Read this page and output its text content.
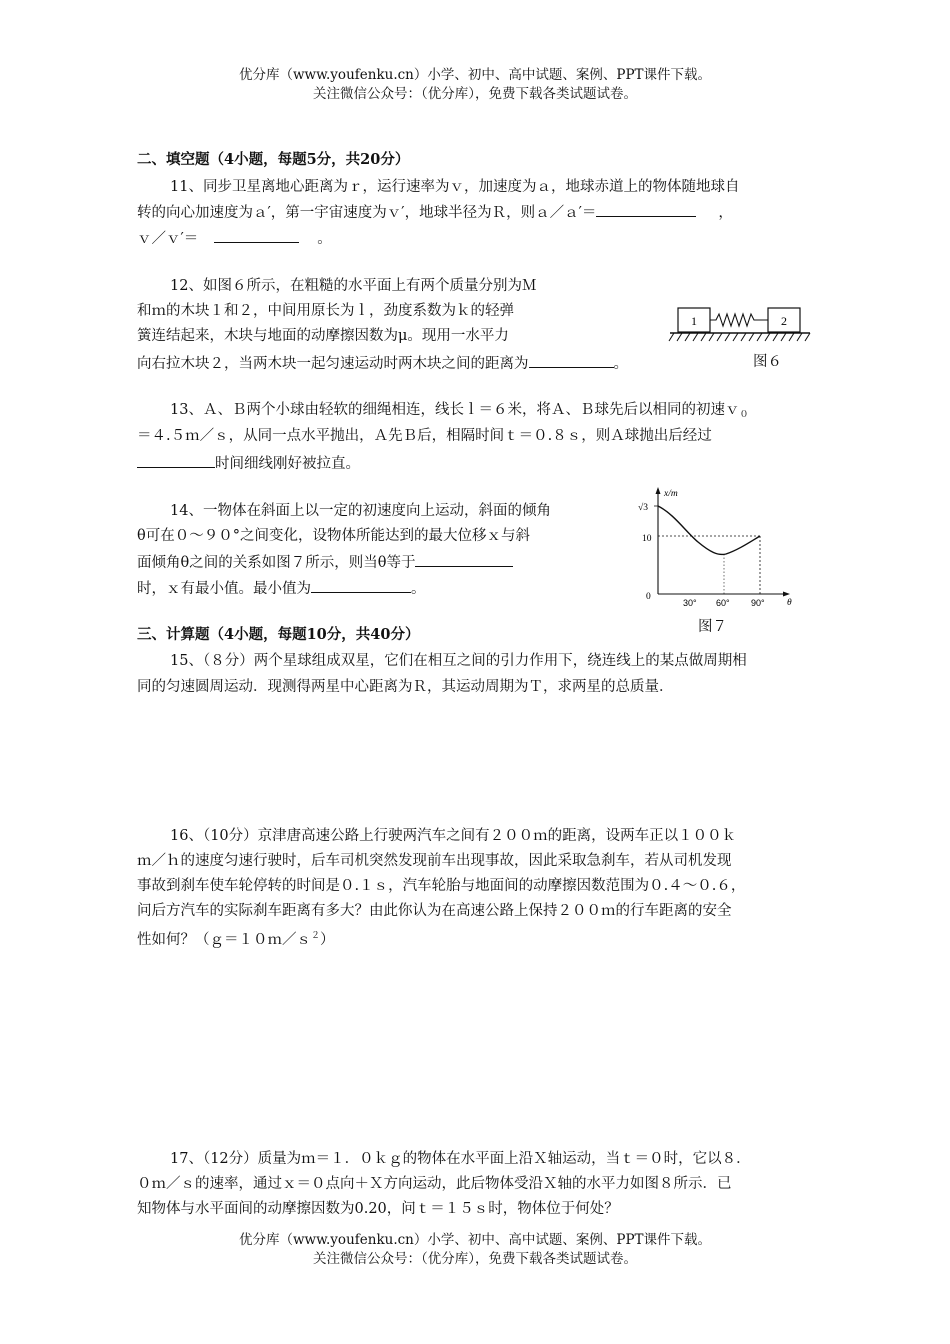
优分库（www.youfenku.cn）小学、初中、高中试题、案例、PPT课件下载。
关注微信公众号：（优分库），免费下载各类试题试卷。
二、填空题（4小题，每题5分，共20分）
11、同步卫星离地心距离为ｒ，运行速率为ｖ，加速度为ａ，地球赤道上的物体随地球自
转的向心加速度为ａ′，第一宇宙速度为ｖ′，地球半径为Ｒ，则ａ／ａ′＝	，
ｖ／ｖ′＝	。
12、如图６所示，在粗糙的水平面上有两个质量分别为Ｍ
和ｍ的木块１和２，中间用原长为ｌ，劲度系数为ｋ的轻弹
簧连结起来，木块与地面的动摩擦因数为μ。现用一水平力
向右拉木块２，当两木块一起匀速运动时两木块之间的距离为	。
1	2
图６
13、Ａ、Ｂ两个小球由轻软的细绳相连，线长ｌ＝６米，将Ａ、Ｂ球先后以相同的初速ｖ$_0$
＝４.５ｍ／ｓ，从同一点水平抛出，Ａ先Ｂ后，相隔时间ｔ＝０.８ｓ，则Ａ球抛出后经过
时间细线刚好被拉直。
14、一物体在斜面上以一定的初速度向上运动，斜面的倾角
θ可在０～９０°之间变化，设物体所能达到的最大位移ｘ与斜
面倾角θ之间的关系如图７所示，则当θ等于
时，ｘ有最小值。最小值为	。
x/m
θ
√3
10
0
30° 60° 90°
图７
三、计算题（4小题，每题10分，共40分）
15、（８分）两个星球组成双星，它们在相互之间的引力作用下，绕连线上的某点做周期相
同的匀速圆周运动．现测得两星中心距离为Ｒ，其运动周期为Ｔ，求两星的总质量．
16、（10分）京津唐高速公路上行驶两汽车之间有２００ｍ的距离，设两车正以１００ｋ
ｍ／ｈ的速度匀速行驶时，后车司机突然发现前车出现事故，因此采取急刹车，若从司机发现
事故到刹车使车轮停转的时间是０.１ｓ，汽车轮胎与地面间的动摩擦因数范围为０.４～０.６，
问后方汽车的实际刹车距离有多大？由此你认为在高速公路上保持２００ｍ的行车距离的安全
性如何？（ｇ＝１０ｍ／ｓ$^2$）
17、（12分）质量为ｍ＝１．０ｋｇ的物体在水平面上沿Ｘ轴运动，当ｔ＝０时，它以８．
０ｍ／ｓ的速率，通过ｘ＝０点向＋Ｘ方向运动，此后物体受沿Ｘ轴的水平力如图８所示．已
知物体与水平面间的动摩擦因数为0.20，问ｔ＝１５ｓ时，物体位于何处？
优分库（www.youfenku.cn）小学、初中、高中试题、案例、PPT课件下载。
关注微信公众号：（优分库），免费下载各类试题试卷。
